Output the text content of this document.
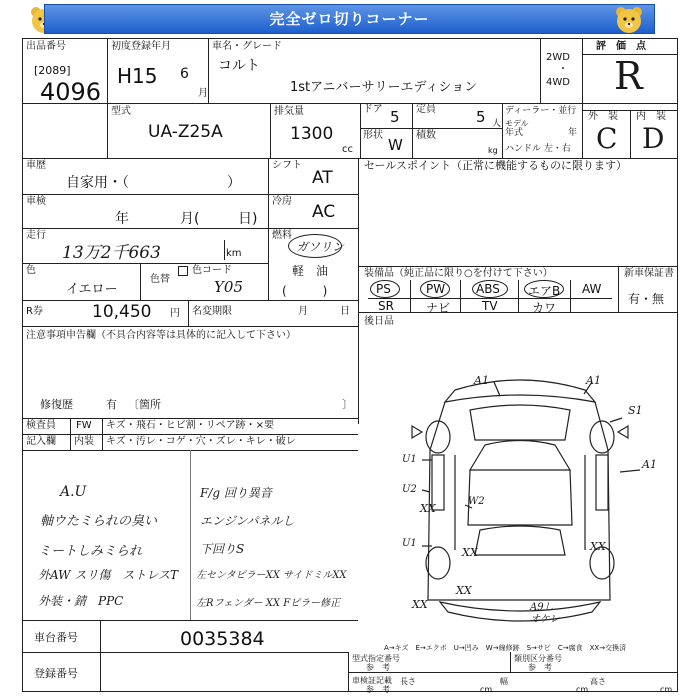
完全ゼロ切りコーナー
出品番号
[2089]
4096
初度登録年月
H15 6
月
車名・グレード
コルト
1stアニバーサリーエディション
2WD
・
4WD
評　価　点
R
型式
UA-Z25A
排気量
1300
cc
ドア 5 定員	5 人
形状
W
積数
kg
ディーラー・並行
モデル
年式	年
ハンドル 左・右
外　装 内　装
C D
車歴
自家用・（　　　　　　　）
シフト
AT
車検
年	月(	日)
冷房
AC
走行
13万2千663	km
燃料
ガソリン
軽　油
(　　　)
色
イエロー
色替
色コード
Y05
R券	10,450 円 名変期限	月	日
注意事項申告欄（不具合内容等は具体的に記入して下さい）
修復歴	有 〔箇所	〕
セールスポイント（正常に機能するものに限ります）
装備品（純正品に限り○を付けて下さい）	新車保証書
有・無
PS	PW	ABS エアB AW
SR	ナビ	TV	カワ
後日品
検査員
記入欄
FW キズ・飛石・ヒビ割・リペア跡・×要
内装 キズ・汚レ・コゲ・穴・ズレ・キレ・破レ
A.U
軸ウたミられの臭い
ミートしみミられ
外AW スリ傷　ストレスT
外装・錆　PPC
F/g 回り異音
エンジンパネルし
下回りS
左センタピラーXX サイドミルXX
左Rフェンダー XX Fピラー修正
A1	A1
S1
A1
U1
U2
U1
W2
XX
XX
XX
XX
XX
A9し
オケレ
A→キズ　E→エクボ　U→凹み　W→線修跡　S→サビ　C→腐食　XX→交換済
車台番号	0035384
登録番号
型式指定番号
参　考
類別区分番号
参　考
車検証記載
参　考
長さ
cm
幅
cm
高さ
cm
